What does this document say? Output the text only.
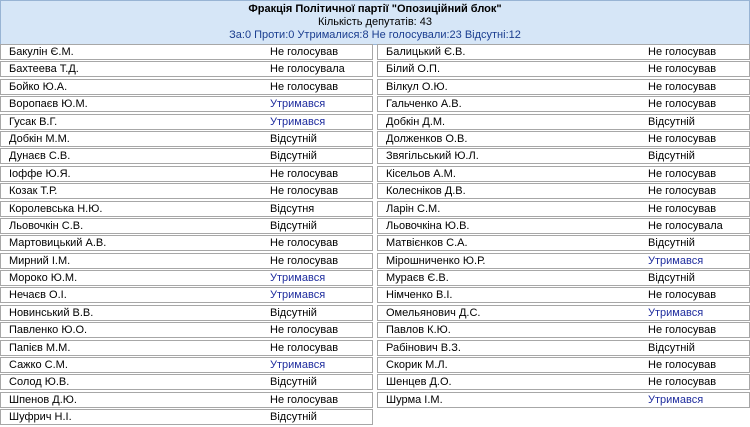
Фракція Політичної партії "Опозиційний блок"
Кількість депутатів: 43
За:0 Проти:0 Утрималися:8 Не голосували:23 Відсутні:12
Бакулін Є.М.	Не голосував
Бахтеева Т.Д.	Не голосувала
Бойко Ю.А.	Не голосував
Воропаєв Ю.М.	Утримався
Гусак В.Г.	Утримався
Добкін М.М.	Відсутній
Дунаєв С.В.	Відсутній
Іоффе Ю.Я.	Не голосував
Козак Т.Р.	Не голосував
Королевська Н.Ю.	Відсутня
Льовочкін С.В.	Відсутній
Мартовицький А.В.	Не голосував
Мирний І.М.	Не голосував
Мороко Ю.М.	Утримався
Нечаєв О.І.	Утримався
Новинський В.В.	Відсутній
Павленко Ю.О.	Не голосував
Папієв М.М.	Не голосував
Сажко С.М.	Утримався
Солод Ю.В.	Відсутній
Шпенов Д.Ю.	Не голосував
Шуфрич Н.І.	Відсутній
Балицький Є.В.	Не голосував
Білий О.П.	Не голосував
Вілкул О.Ю.	Не голосував
Гальченко А.В.	Не голосував
Добкін Д.М.	Відсутній
Долженков О.В.	Не голосував
Звягільський Ю.Л.	Відсутній
Кісельов А.М.	Не голосував
Колеснiков Д.В.	Не голосував
Ларін С.М.	Не голосував
Льовочкіна Ю.В.	Не голосувала
Матвієнков С.А.	Відсутній
Мірошниченко Ю.Р.	Утримався
Мураєв Є.В.	Відсутній
Німченко В.І.	Не голосував
Омельянович Д.С.	Утримався
Павлов К.Ю.	Не голосував
Рабінович В.З.	Відсутній
Скорик М.Л.	Не голосував
Шенцев Д.О.	Не голосував
Шурма І.М.	Утримався
